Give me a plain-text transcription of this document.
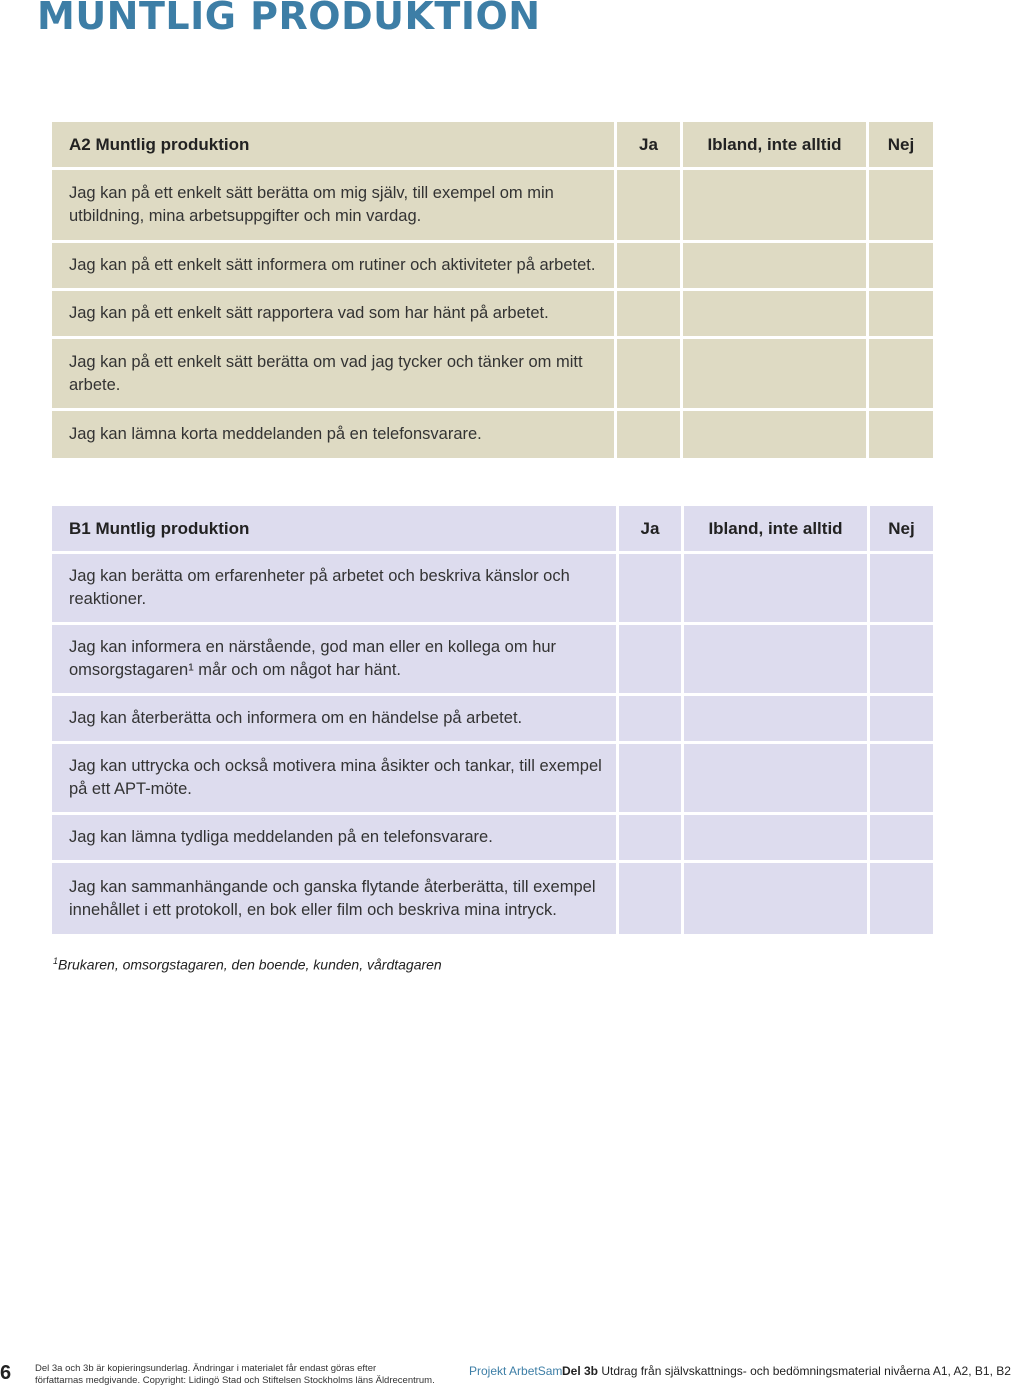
MUNTLIG PRODUKTION
A2 Muntlig produktion	Ja	Ibland, inte alltid	Nej
Jag kan på ett enkelt sätt berätta om mig själv, till exempel om min utbildning, mina arbetsuppgifter och min vardag.			
Jag kan på ett enkelt sätt informera om rutiner och aktiviteter på arbetet.			
Jag kan på ett enkelt sätt rapportera vad som har hänt på arbetet.			
Jag kan på ett enkelt sätt berätta om vad jag tycker och tänker om mitt arbete.			
Jag kan lämna korta meddelanden på en telefonsvarare.			
B1 Muntlig produktion	Ja	Ibland, inte alltid	Nej
Jag kan berätta om erfarenheter på arbetet och beskriva känslor och reaktioner.			
Jag kan informera en närstående, god man eller en kollega om hur omsorgstagaren¹ mår och om något har hänt.			
Jag kan återberätta och informera om en händelse på arbetet.			
Jag kan uttrycka och också motivera mina åsikter och tankar, till exempel på ett APT-möte.			
Jag kan lämna tydliga meddelanden på en telefonsvarare.			
Jag kan sammanhängande och ganska flytande återberätta, till exempel innehållet i ett protokoll, en bok eller film och beskriva mina intryck.			
$^1$Brukaren, omsorgstagaren, den boende, kunden, vårdtagaren
6	Del 3a och 3b är kopieringsunderlag. Ändringar i materialet får endast göras efter
författarnas medgivande. Copyright: Lidingö Stad och Stiftelsen Stockholms läns Äldrecentrum.
Projekt ArbetSam Del 3b Utdrag från självskattnings- och bedömningsmaterial nivåerna A1, A2, B1, B2
